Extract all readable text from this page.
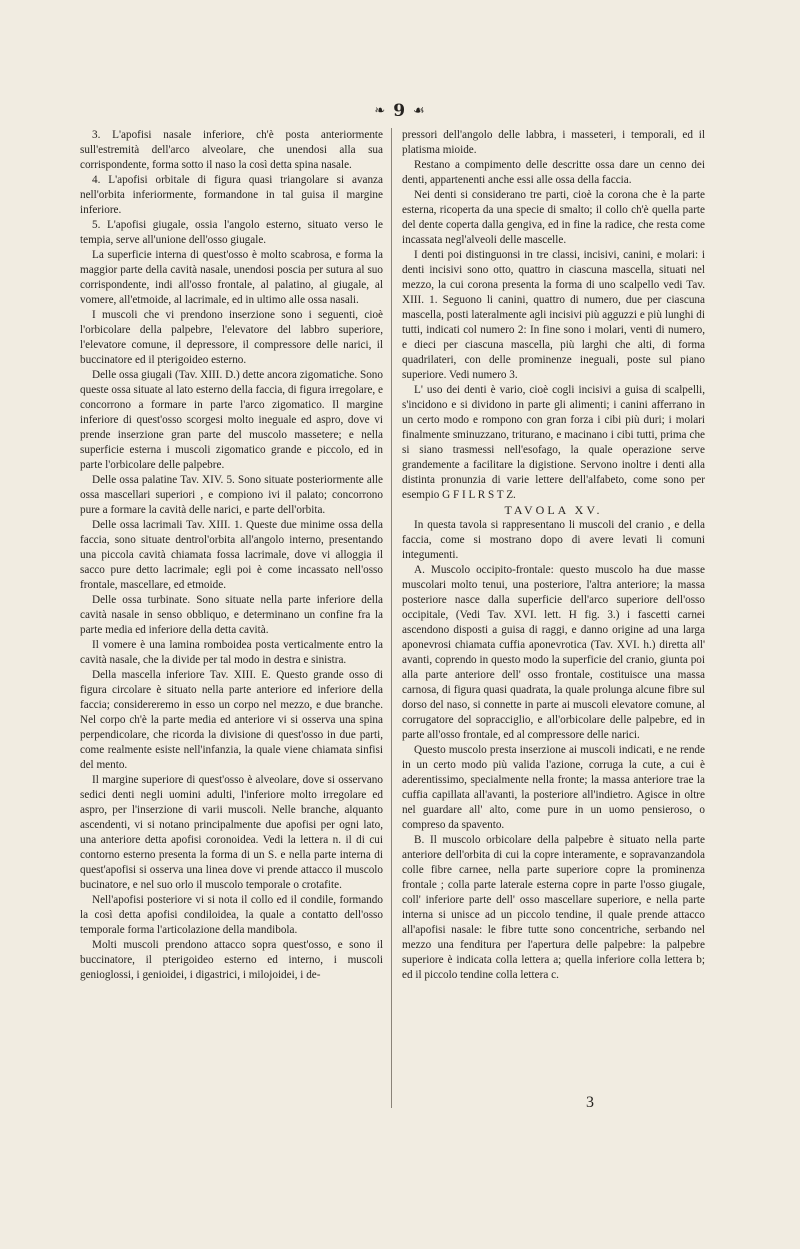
❧ 9 ☙

3. L'apofisi nasale inferiore, ch'è posta anteriormente sull'estremità dell'arco alveolare, che unendosi alla sua corrispondente, forma sotto il naso la così detta spina nasale.

4. L'apofisi orbitale di figura quasi triangolare si avanza nell'orbita inferiormente, formandone in tal guisa il margine inferiore.

5. L'apofisi giugale, ossia l'angolo esterno, situato verso le tempia, serve all'unione dell'osso giugale.

La superficie interna di quest'osso è molto scabrosa, e forma la maggior parte della cavità nasale, unendosi poscia per sutura al suo corrispondente, indi all'osso frontale, al palatino, al giugale, al vomere, all'etmoide, al lacrimale, ed in ultimo alle ossa nasali.

I muscoli che vi prendono inserzione sono i seguenti, cioè l'orbicolare della palpebre, l'elevatore del labbro superiore, l'elevatore comune, il depressore, il compressore delle narici, il buccinatore ed il pterigoideo esterno.

Delle ossa giugali (Tav. XIII. D.) dette ancora zigomatiche. Sono queste ossa situate al lato esterno della faccia, di figura irregolare, e concorrono a formare in parte l'arco zigomatico. Il margine inferiore di quest'osso scorgesi molto ineguale ed aspro, dove vi prende inserzione gran parte del muscolo massetere; e nella superficie esterna i muscoli zigomatico grande e piccolo, ed in parte l'orbicolare delle palpebre.

Delle ossa palatine Tav. XIV. 5. Sono situate posteriormente alle ossa mascellari superiori , e compiono ivi il palato; concorrono pure a formare la cavità delle narici, e parte dell'orbita.

Delle ossa lacrimali Tav. XIII. 1. Queste due minime ossa della faccia, sono situate dentrol'orbita all'angolo interno, presentando una piccola cavità chiamata fossa lacrimale, dove vi alloggia il sacco pure detto lacrimale; egli poi è come incassato nell'osso frontale, mascellare, ed etmoide.

Delle ossa turbinate. Sono situate nella parte inferiore della cavità nasale in senso obbliquo, e determinano un confine fra la parte media ed inferiore della detta cavità.

Il vomere è una lamina romboidea posta verticalmente entro la cavità nasale, che la divide per tal modo in destra e sinistra.

Della mascella inferiore Tav. XIII. E. Questo grande osso di figura circolare è situato nella parte anteriore ed inferiore della faccia; considereremo in esso un corpo nel mezzo, e due branche. Nel corpo ch'è la parte media ed anteriore vi si osserva una spina perpendicolare, che ricorda la divisione di quest'osso in due parti, come realmente esiste nell'infanzia, la quale viene chiamata sinfisi del mento.

Il margine superiore di quest'osso è alveolare, dove si osservano sedici denti negli uomini adulti, l'inferiore molto irregolare ed aspro, per l'inserzione di varii muscoli. Nelle branche, alquanto ascendenti, vi si notano principalmente due apofisi per ogni lato, una anteriore detta apofisi coronoidea. Vedi la lettera n. il di cui contorno esterno presenta la forma di un S. e nella parte interna di quest'apofisi si osserva una linea dove vi prende attacco il muscolo bucinatore, e nel suo orlo il muscolo temporale o crotafite.

Nell'apofisi posteriore vi si nota il collo ed il condile, formando la così detta apofisi condiloidea, la quale a contatto dell'osso temporale forma l'articolazione della mandibola.

Molti muscoli prendono attacco sopra quest'osso, e sono il buccinatore, il pterigoideo esterno ed interno, i muscoli genioglossi, i genioidei, i digastrici, i milojoidei, i de-

pressori dell'angolo delle labbra, i masseteri, i temporali, ed il platisma mioide.

Restano a compimento delle descritte ossa dare un cenno dei denti, appartenenti anche essi alle ossa della faccia.

Nei denti si considerano tre parti, cioè la corona che è la parte esterna, ricoperta da una specie di smalto; il collo ch'è quella parte del dente coperta dalla gengiva, ed in fine la radice, che resta come incassata negl'alveoli delle mascelle.

I denti poi distinguonsi in tre classi, incisivi, canini, e molari: i denti incisivi sono otto, quattro in ciascuna mascella, situati nel mezzo, la cui corona presenta la forma di uno scalpello vedi Tav. XIII. 1. Seguono li canini, quattro di numero, due per ciascuna mascella, posti lateralmente agli incisivi più agguzzi e più lunghi di tutti, indicati col numero 2: In fine sono i molari, venti di numero, e dieci per ciascuna mascella, più larghi che alti, di forma quadrilateri, con delle prominenze ineguali, poste sul piano superiore. Vedi numero 3.

L' uso dei denti è vario, cioè cogli incisivi a guisa di scalpelli, s'incidono e si dividono in parte gli alimenti; i canini afferrano in un certo modo e rompono con gran forza i cibi più duri; i molari finalmente sminuzzano, triturano, e macinano i cibi tutti, prima che si siano trasmessi nell'esofago, la quale operazione serve grandemente a facilitare la digistione. Servono inoltre i denti alla distinta pronunzia di varie lettere dell'alfabeto, come sono per esempio G F I L R S T Z.

TAVOLA XV.

In questa tavola si rappresentano li muscoli del cranio , e della faccia, come si mostrano dopo di avere levati li comuni integumenti.

A. Muscolo occipito-frontale: questo muscolo ha due masse muscolari molto tenui, una posteriore, l'altra anteriore; la massa posteriore nasce dalla superficie dell'arco superiore dell'osso occipitale, (Vedi Tav. XVI. lett. H fig. 3.) i fascetti carnei ascendono disposti a guisa di raggi, e danno origine ad una larga aponevrosi chiamata cuffia aponevrotica (Tav. XVI. h.) diretta all' avanti, coprendo in questo modo la superficie del cranio, giunta poi alla parte anteriore dell' osso frontale, costituisce una massa carnosa, di figura quasi quadrata, la quale prolunga alcune fibre sul dorso del naso, si connette in parte ai muscoli elevatore comune, al corrugatore del sopracciglio, e all'orbicolare delle palpebre, ed in parte all'osso frontale, ed al compressore delle narici.

Questo muscolo presta inserzione ai muscoli indicati, e ne rende in un certo modo più valida l'azione, corruga la cute, a cui è aderentissimo, specialmente nella fronte; la massa anteriore trae la cuffia capillata all'avanti, la posteriore all'indietro. Agisce in oltre nel guardare all' alto, come pure in un uomo pensieroso, o compreso da spavento.

B. Il muscolo orbicolare della palpebre è situato nella parte anteriore dell'orbita di cui la copre interamente, e sopravanzandola colle fibre carnee, nella parte superiore copre la prominenza frontale ; colla parte laterale esterna copre in parte l'osso giugale, coll' inferiore parte dell' osso mascellare superiore, e nella parte interna si unisce ad un piccolo tendine, il quale prende attacco all'apofisi nasale: le fibre tutte sono concentriche, serbando nel mezzo una fenditura per l'apertura delle palpebre: la palpebre superiore è indicata colla lettera a; quella inferiore colla lettera b; ed il piccolo tendine colla lettera c.

3
